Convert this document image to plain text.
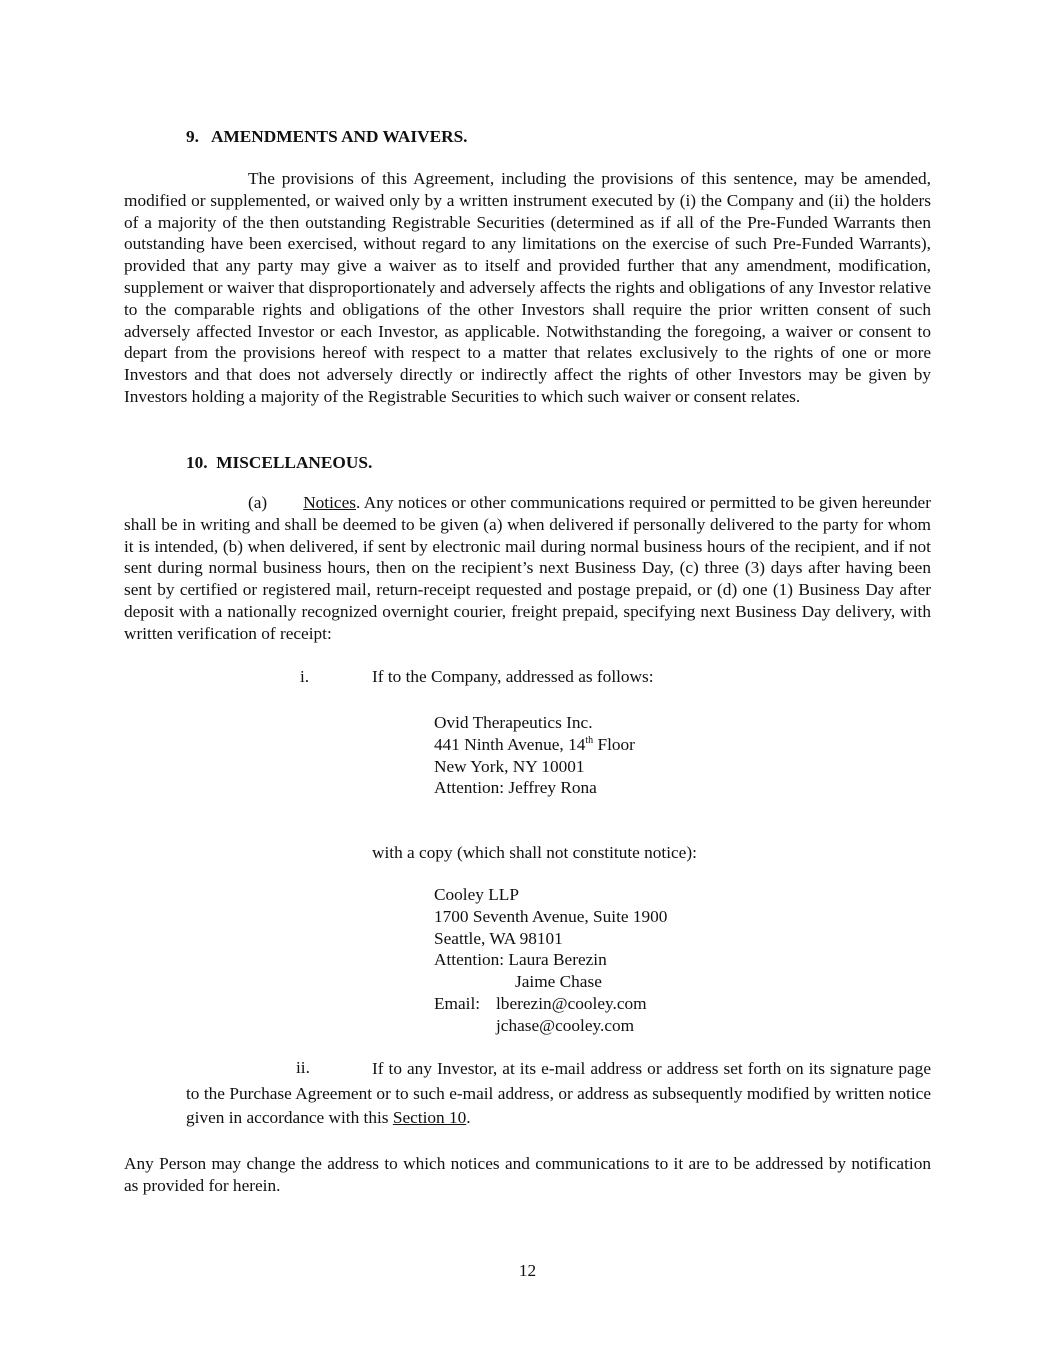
9.   AMENDMENTS AND WAIVERS.
The provisions of this Agreement, including the provisions of this sentence, may be amended, modified or supplemented, or waived only by a written instrument executed by (i) the Company and (ii) the holders of a majority of the then outstanding Registrable Securities (determined as if all of the Pre-Funded Warrants then outstanding have been exercised, without regard to any limitations on the exercise of such Pre-Funded Warrants), provided that any party may give a waiver as to itself and provided further that any amendment, modification, supplement or waiver that disproportionately and adversely affects the rights and obligations of any Investor relative to the comparable rights and obligations of the other Investors shall require the prior written consent of such adversely affected Investor or each Investor, as applicable. Notwithstanding the foregoing, a waiver or consent to depart from the provisions hereof with respect to a matter that relates exclusively to the rights of one or more Investors and that does not adversely directly or indirectly affect the rights of other Investors may be given by Investors holding a majority of the Registrable Securities to which such waiver or consent relates.
10.  MISCELLANEOUS.
(a) Notices. Any notices or other communications required or permitted to be given hereunder shall be in writing and shall be deemed to be given (a) when delivered if personally delivered to the party for whom it is intended, (b) when delivered, if sent by electronic mail during normal business hours of the recipient, and if not sent during normal business hours, then on the recipient’s next Business Day, (c) three (3) days after having been sent by certified or registered mail, return-receipt requested and postage prepaid, or (d) one (1) Business Day after deposit with a nationally recognized overnight courier, freight prepaid, specifying next Business Day delivery, with written verification of receipt:
i.	If to the Company, addressed as follows:
Ovid Therapeutics Inc.
441 Ninth Avenue, 14th Floor
New York, NY 10001
Attention: Jeffrey Rona
with a copy (which shall not constitute notice):
Cooley LLP
1700 Seventh Avenue, Suite 1900
Seattle, WA 98101
Attention: Laura Berezin
Jaime Chase
Email: lberezin@cooley.com
jchase@cooley.com
ii.	If to any Investor, at its e-mail address or address set forth on its signature page to the Purchase Agreement or to such e-mail address, or address as subsequently modified by written notice given in accordance with this Section 10.
Any Person may change the address to which notices and communications to it are to be addressed by notification as provided for herein.
12
